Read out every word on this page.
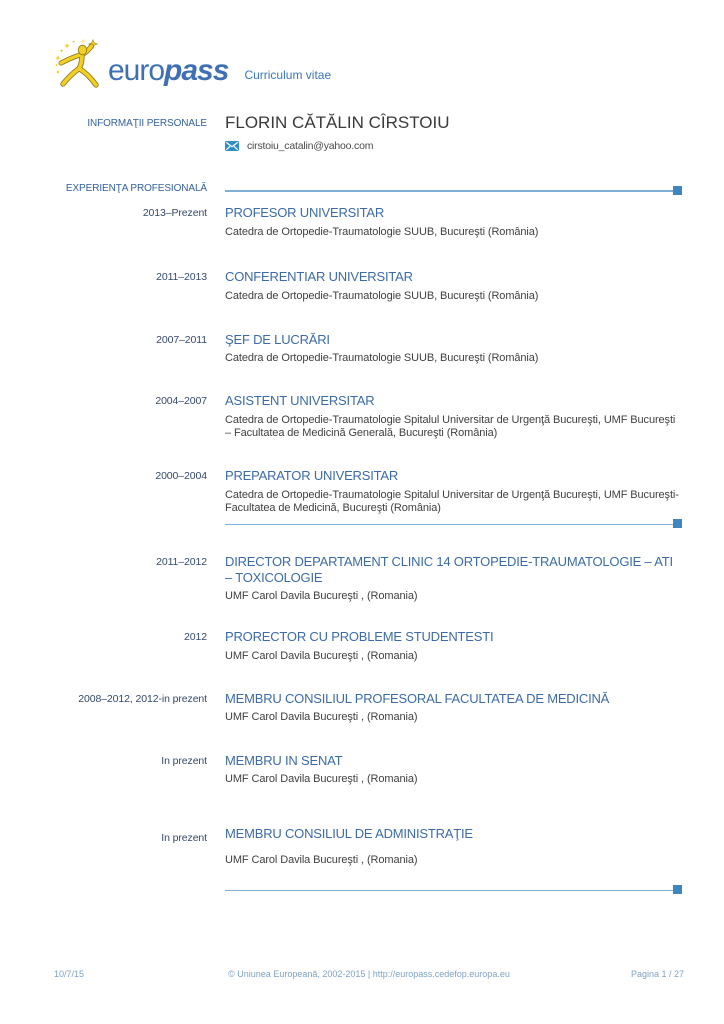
europass Curriculum vitae
INFORMAŢII PERSONALE FLORIN CĂTĂLIN CÎRSTOIU
cirstoiu_catalin@yahoo.com
EXPERIENŢA PROFESIONALĂ
2013–Prezent PROFESOR UNIVERSITAR
Catedra de Ortopedie-Traumatologie SUUB, Bucureşti (România)
2011–2013 CONFERENTIAR UNIVERSITAR
Catedra de Ortopedie-Traumatologie SUUB, Bucureşti (România)
2007–2011 ŞEF DE LUCRĂRI
Catedra de Ortopedie-Traumatologie SUUB, Bucureşti (România)
2004–2007 ASISTENT UNIVERSITAR
Catedra de Ortopedie-Traumatologie Spitalul Universitar de Urgenţă Bucureşti, UMF Bucureşti – Facultatea de Medicină Generală, Bucureşti (România)
2000–2004 PREPARATOR UNIVERSITAR
Catedra de Ortopedie-Traumatologie Spitalul Universitar de Urgenţă Bucureşti, UMF Bucureşti- Facultatea de Medicină, Bucureşti (România)
2011–2012 DIRECTOR DEPARTAMENT CLINIC 14 ORTOPEDIE-TRAUMATOLOGIE – ATI – TOXICOLOGIE
UMF Carol Davila Bucureşti , (Romania)
2012 PRORECTOR CU PROBLEME STUDENTESTI
UMF Carol Davila Bucureşti , (Romania)
2008–2012, 2012-in prezent MEMBRU CONSILIUL PROFESORAL FACULTATEA DE MEDICINĂ
UMF Carol Davila Bucureşti , (Romania)
In prezent MEMBRU IN SENAT
UMF Carol Davila Bucureşti , (Romania)
In prezent MEMBRU CONSILIUL DE ADMINISTRAŢIE
UMF Carol Davila Bucureşti , (Romania)
10/7/15	© Uniunea Europeană, 2002-2015 | http://europass.cedefop.europa.eu	Pagina 1 / 27
